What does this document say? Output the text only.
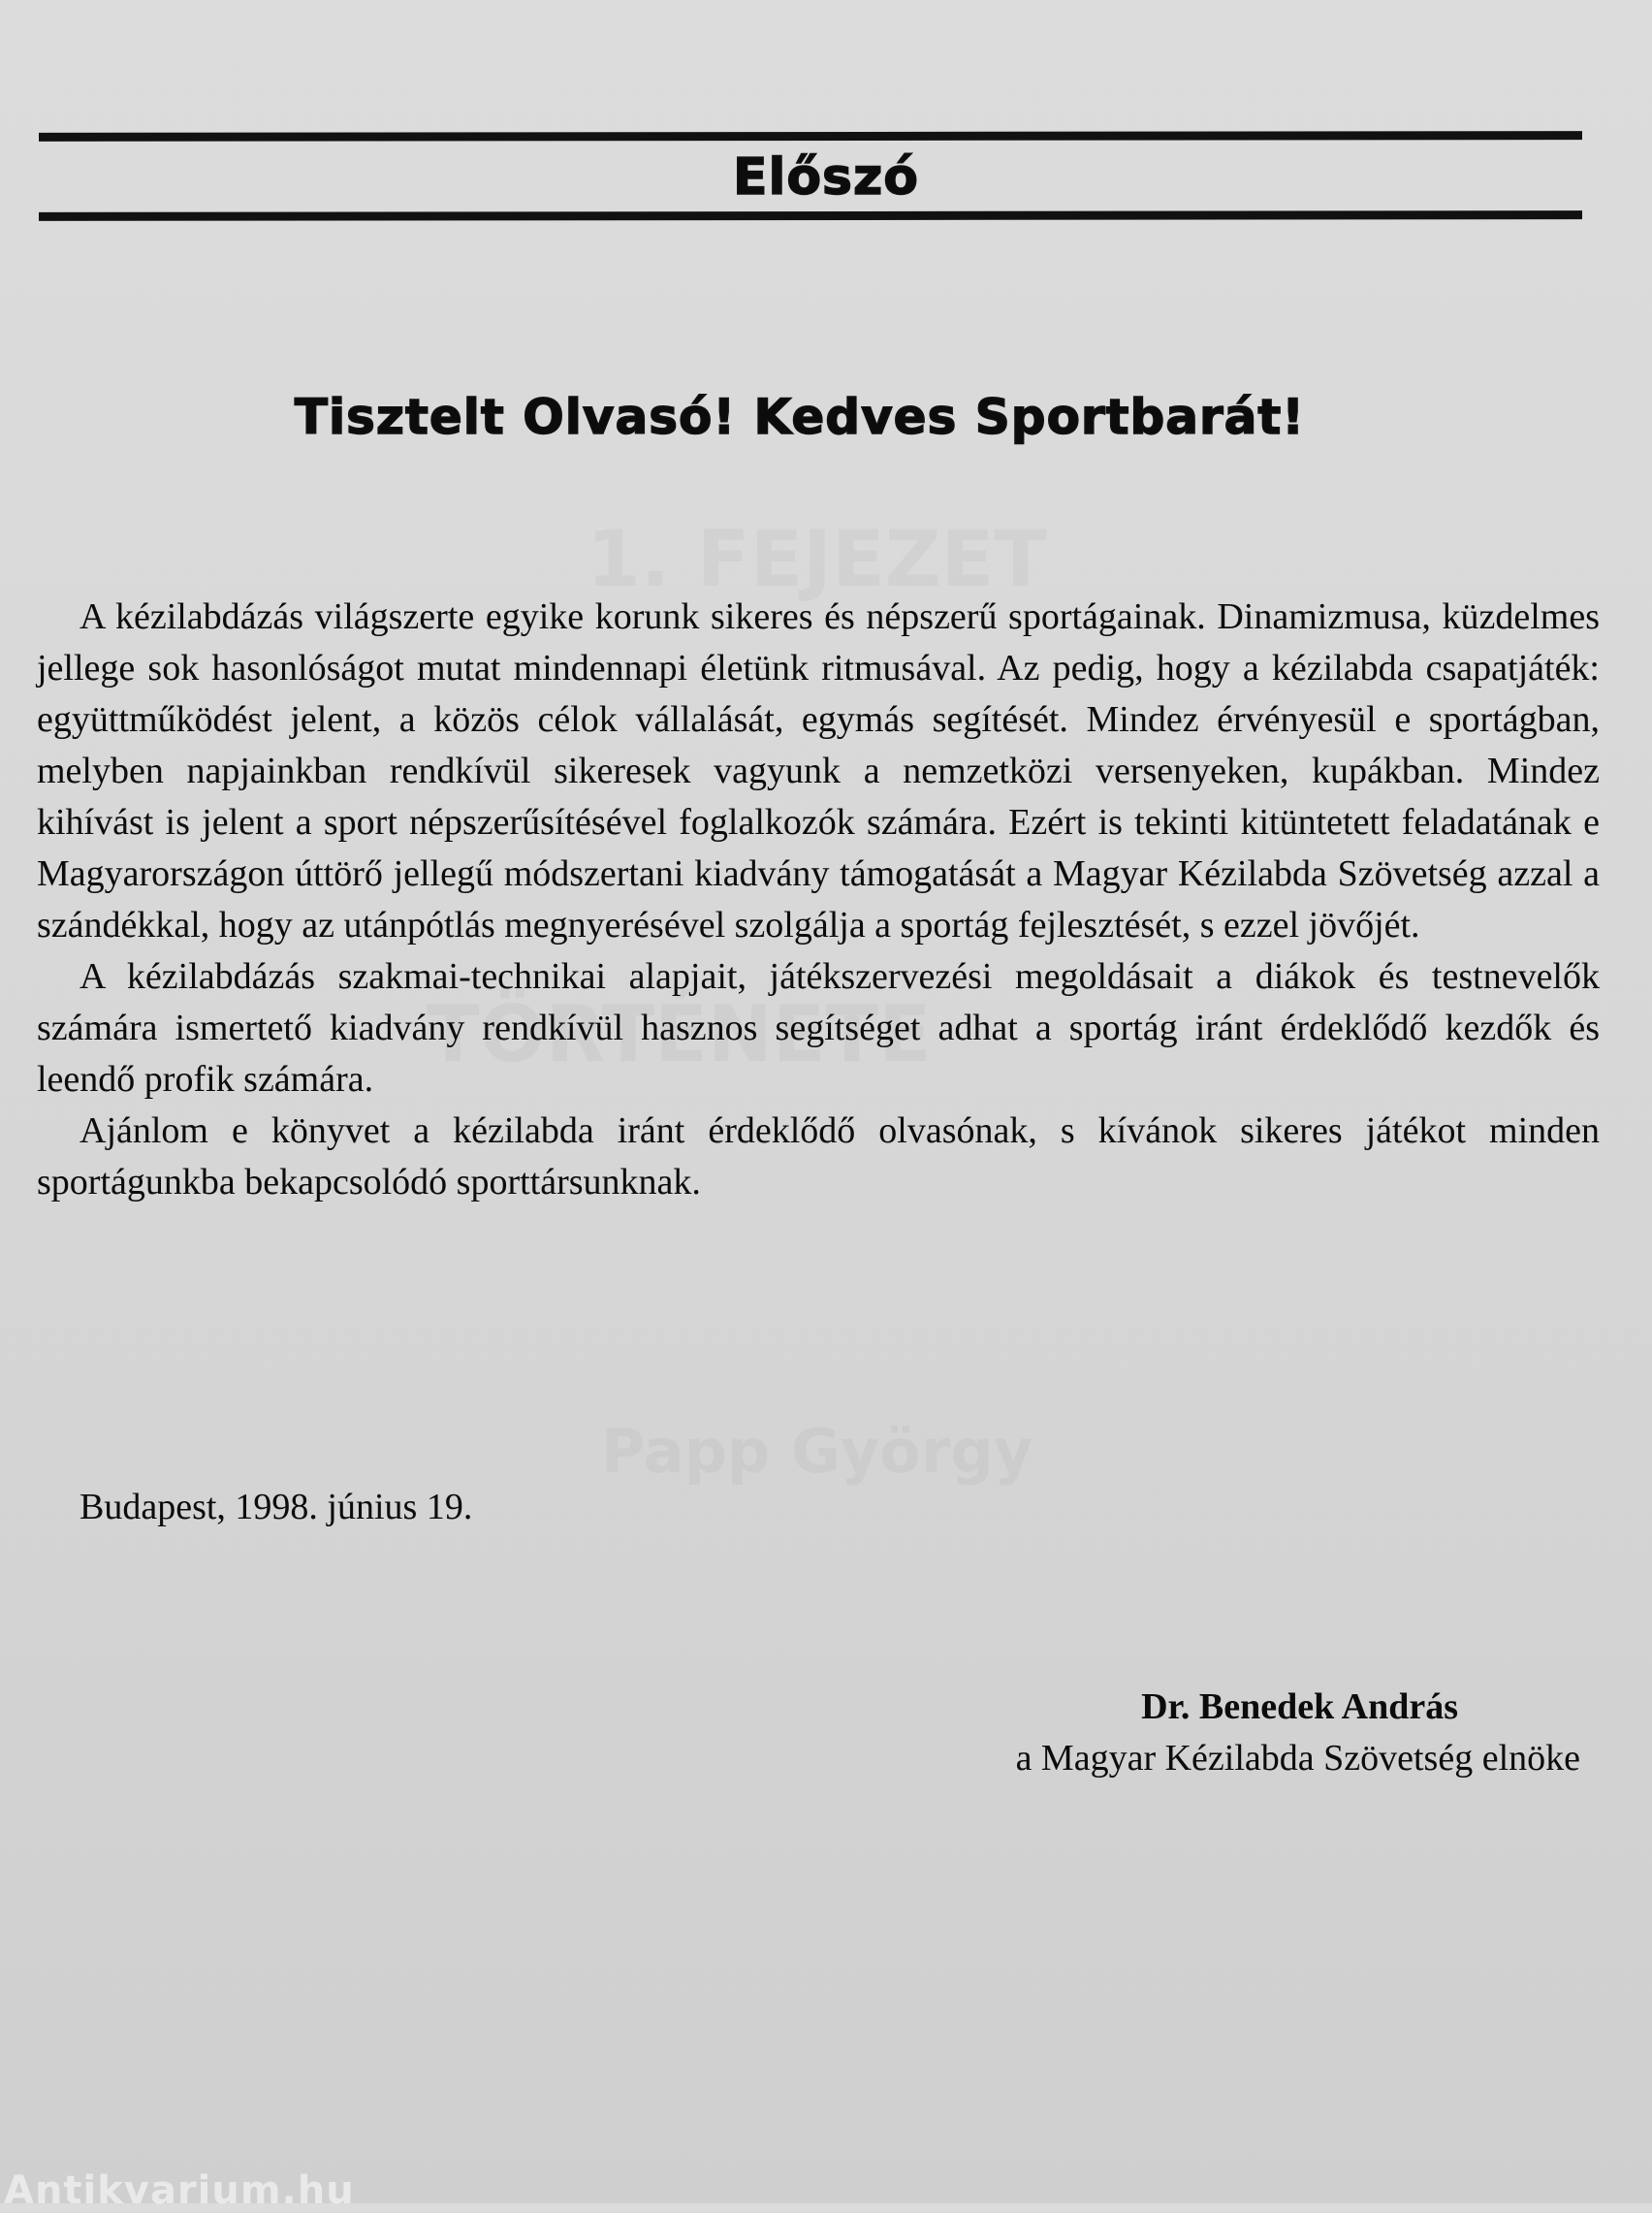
Előszó
Tisztelt Olvasó! Kedves Sportbarát!

A kézilabdázás világszerte egyike korunk sikeres és népszerű sportágainak. Dinamizmusa, küzdelmes jellege sok hasonlóságot mutat mindennapi életünk ritmusával. Az pedig, hogy a kézilabda csapatjáték: együttműködést jelent, a közös célok vállalását, egymás segítését. Mindez érvényesül e sportágban, melyben napjainkban rendkívül sikeresek vagyunk a nemzetközi versenyeken, kupákban. Mindez kihívást is jelent a sport népszerűsítésével foglalkozók számára. Ezért is tekinti kitüntetett feladatának e Magyarországon úttörő jellegű módszertani kiadvány támogatását a Magyar Kézilabda Szövetség azzal a szándékkal, hogy az utánpótlás megnyerésével szolgálja a sportág fejlesztését, s ezzel jövőjét.

A kézilabdázás szakmai-technikai alapjait, játékszervezési megoldásait a diákok és testnevelők számára ismertető kiadvány rendkívül hasznos segítséget adhat a sportág iránt érdeklődő kezdők és leendő profik számára.

Ajánlom e könyvet a kézilabda iránt érdeklődő olvasónak, s kívánok sikeres játékot minden sportágunkba bekapcsolódó sporttársunknak.

Budapest, 1998. június 19.
Dr. Benedek András
a Magyar Kézilabda Szövetség elnöke
Antikvarium.hu
